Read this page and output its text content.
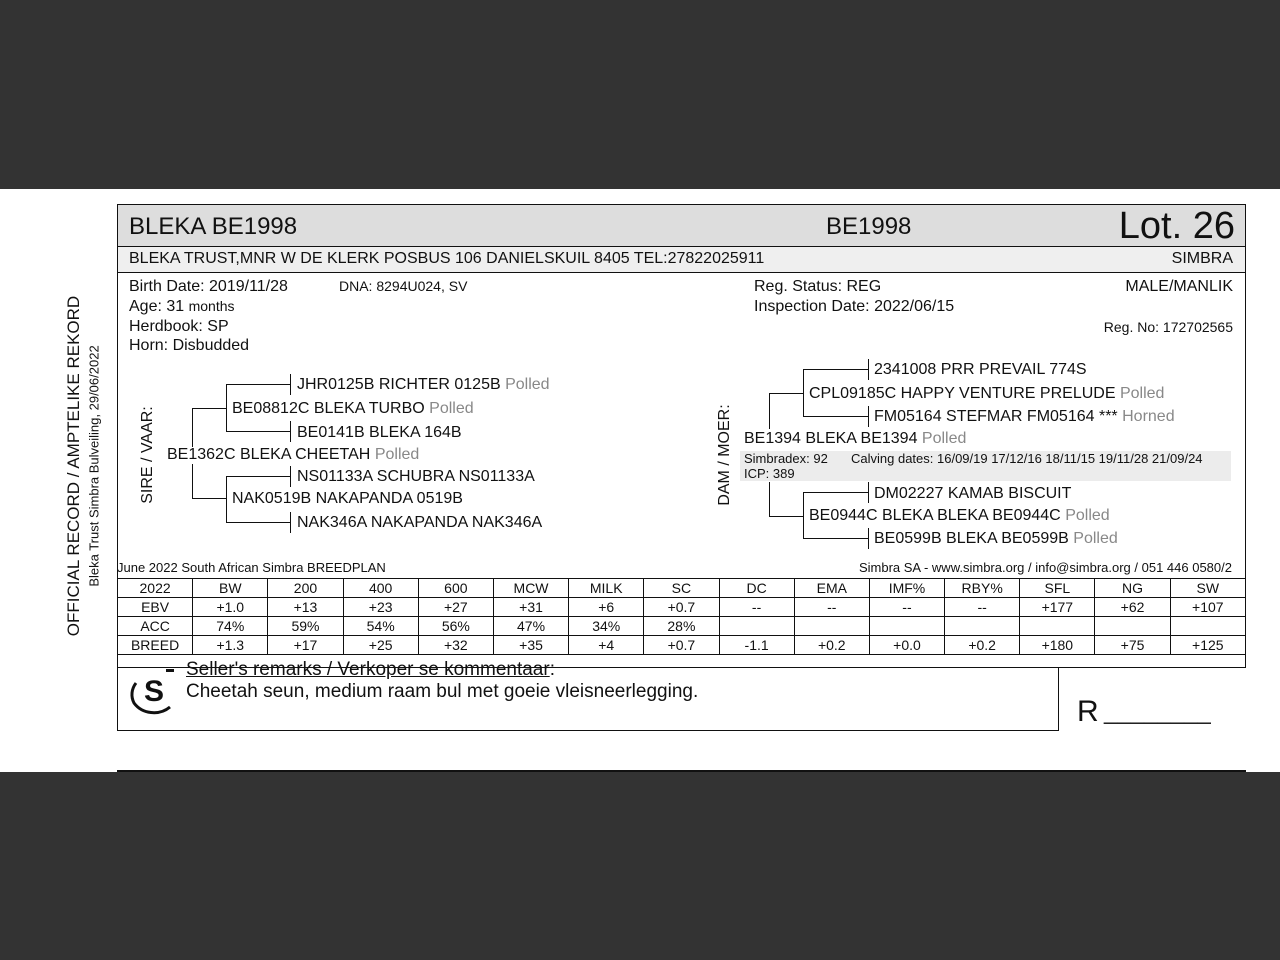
OFFICIAL RECORD / AMPTELIKE REKORD Bleka Trust Simbra Bulveiling, 29/06/2022
BLEKA BE1998	BE1998	Lot. 26
BLEKA TRUST,MNR W DE KLERK POSBUS 106 DANIELSKUIL 8405 TEL:27822025911	SIMBRA
Birth Date: 2019/11/28	DNA: 8294U024, SV
Age: 31 months
Herdbook: SP
Horn: Disbudded
Reg. Status: REG
Inspection Date: 2022/06/15
MALE/MANLIK
Reg. No: 172702565
SIRE / VAAR:
JHR0125B RICHTER 0125B Polled
BE08812C BLEKA TURBO Polled
BE0141B BLEKA 164B
BE1362C BLEKA CHEETAH Polled
NS01133A SCHUBRA NS01133A
NAK0519B NAKAPANDA 0519B
NAK346A NAKAPANDA NAK346A
DAM / MOER:
2341008 PRR PREVAIL 774S
CPL09185C HAPPY VENTURE PRELUDE Polled
FM05164 STEFMAR FM05164 *** Horned
BE1394 BLEKA BE1394 Polled
Simbradex: 92 Calving dates: 16/09/19 17/12/16 18/11/15 19/11/28 21/09/24
ICP: 389
DM02227 KAMAB BISCUIT
BE0944C BLEKA BLEKA BE0944C Polled
BE0599B BLEKA BE0599B Polled
June 2022 South African Simbra BREEDPLAN	Simbra SA - www.simbra.org / info@simbra.org / 051 446 0580/2
2022	BW	200	400	600	MCW	MILK	SC	DC	EMA	IMF%	RBY%	SFL	NG	SW
EBV	+1.0	+13	+23	+27	+31	+6	+0.7	--	--	--	--	+177	+62	+107
ACC	74%	59%	54%	56%	47%	34%	28%							
BREED	+1.3	+17	+25	+32	+35	+4	+0.7	-1.1	+0.2	+0.0	+0.2	+180	+75	+125
S
Seller's remarks / Verkoper se kommentaar:
Cheetah seun, medium raam bul met goeie vleisneerlegging.
R ________
